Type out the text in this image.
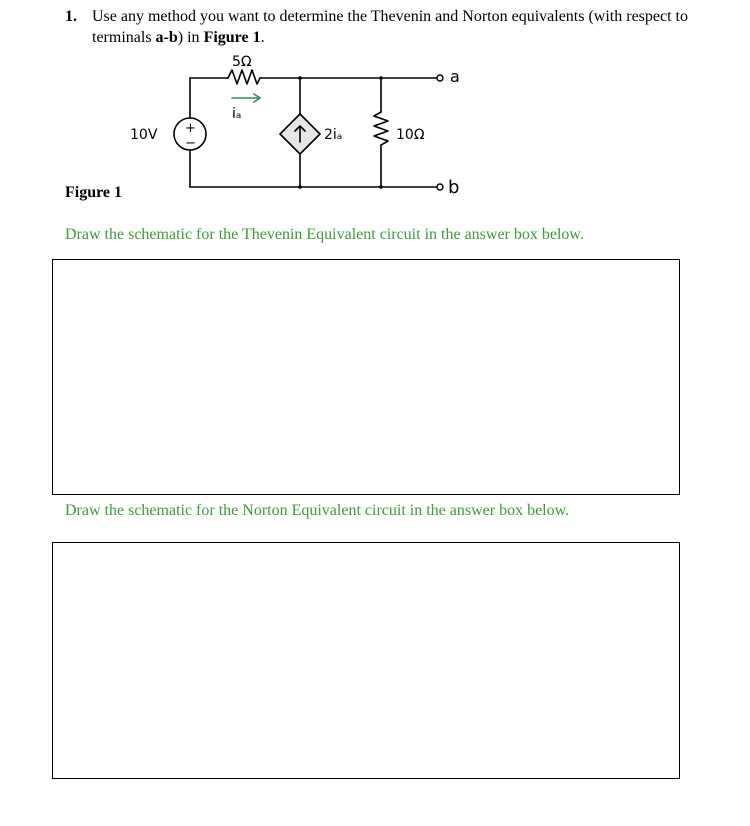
1. Use any method you want to determine the Thevenin and Norton equivalents (with respect to terminals a-b) in Figure 1.
5Ω
iₐ
10V +
−
2iₐ	10Ω
a
b
Figure 1
Draw the schematic for the Thevenin Equivalent circuit in the answer box below.
Draw the schematic for the Norton Equivalent circuit in the answer box below.
